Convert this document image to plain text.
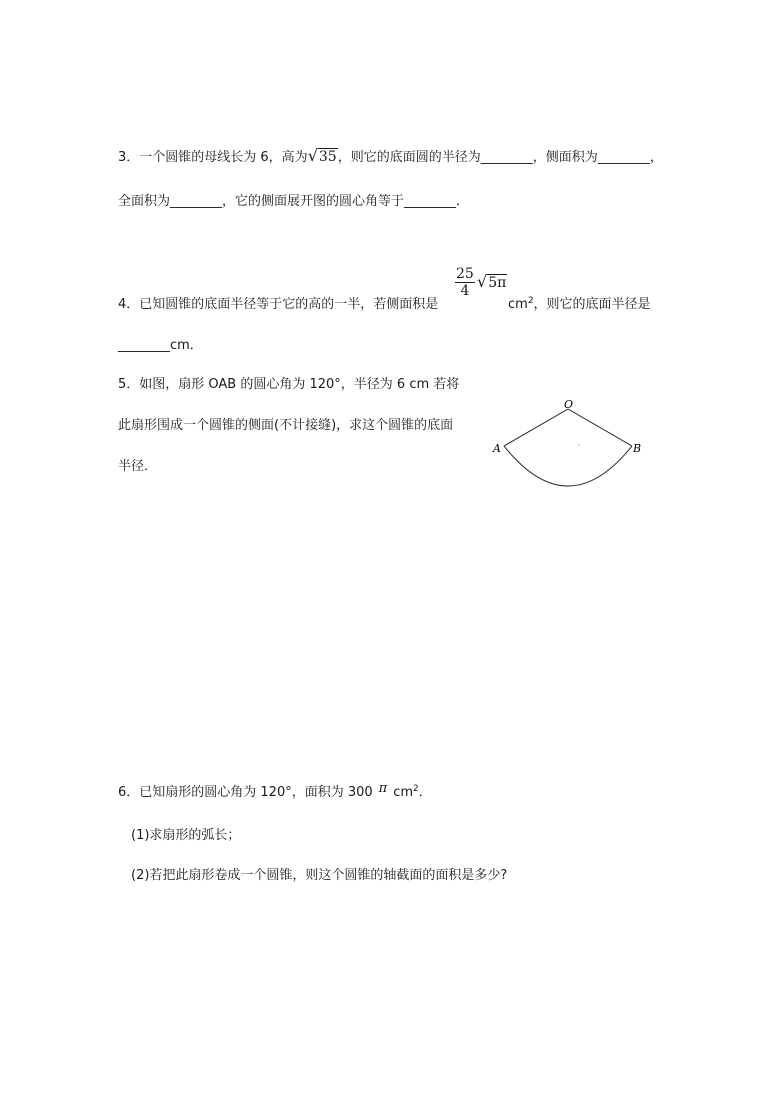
3．一个圆锥的母线长为 6，高为√35，则它的底面圆的半径为________，侧面积为________，
全面积为________，它的侧面展开图的圆心角等于________．
$\frac{25}{4} √5\pi$
4．已知圆锥的底面半径等于它的高的一半，若侧面积是	$cm^2$，则它的底面半径是
________cm．
5．如图，扇形 OAB 的圆心角为 120°，半径为 6 cm 若将
此扇形围成一个圆锥的侧面(不计接缝)，求这个圆锥的底面
半径．
O
A	B
6．已知扇形的圆心角为 120°，面积为 300 π $cm^2$．
(1)求扇形的弧长；
(2)若把此扇形卷成一个圆锥，则这个圆锥的轴截面的面积是多少?
